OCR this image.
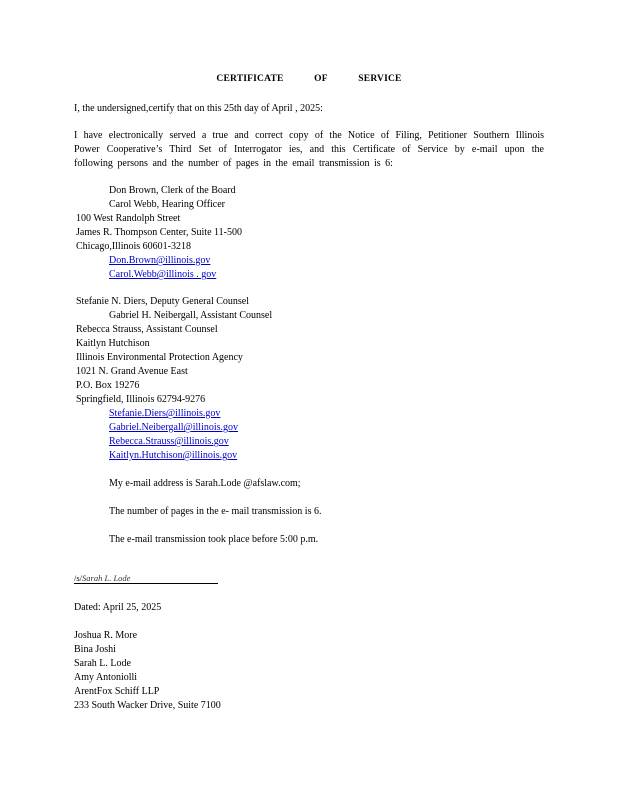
CERTIFICATE	OF	SERVICE
I, the undersigned,certify that on this 25th day of April , 2025:
I have electronically served a true and correct copy of the Notice of Filing, Petitioner Southern Illinois Power Cooperative’s Third Set of Interrogator ies, and this Certificate of Service by e-mail upon the following persons and the number of pages in the email transmission is 6:
Don Brown, Clerk of the Board
Carol Webb, Hearing Officer
100 West Randolph Street
James R. Thompson Center, Suite 11-500
Chicago,Illinois 60601-3218
Don.Brown@illinois.gov
Carol.Webb@illinois . gov
Stefanie N. Diers, Deputy General Counsel
Gabriel H. Neibergall, Assistant Counsel
Rebecca Strauss, Assistant Counsel
Kaitlyn Hutchison
Illinois Environmental Protection Agency
1021 N. Grand Avenue East
P.O. Box 19276
Springfield, Illinois 62794-9276
Stefanie.Diers@illinois.gov
Gabriel.Neibergall@illinois.gov
Rebecca.Strauss@illinois.gov
Kaitlyn.Hutchison@illinois.gov
My e-mail address is Sarah.Lode @afslaw.com;
The number of pages in the e- mail transmission is 6.
The e-mail transmission took place before 5:00 p.m.
/s/Sarah L. Lode
Dated: April 25, 2025
Joshua R. More
Bina Joshi
Sarah L. Lode
Amy Antoniolli
ArentFox Schiff LLP
233 South Wacker Drive, Suite 7100
